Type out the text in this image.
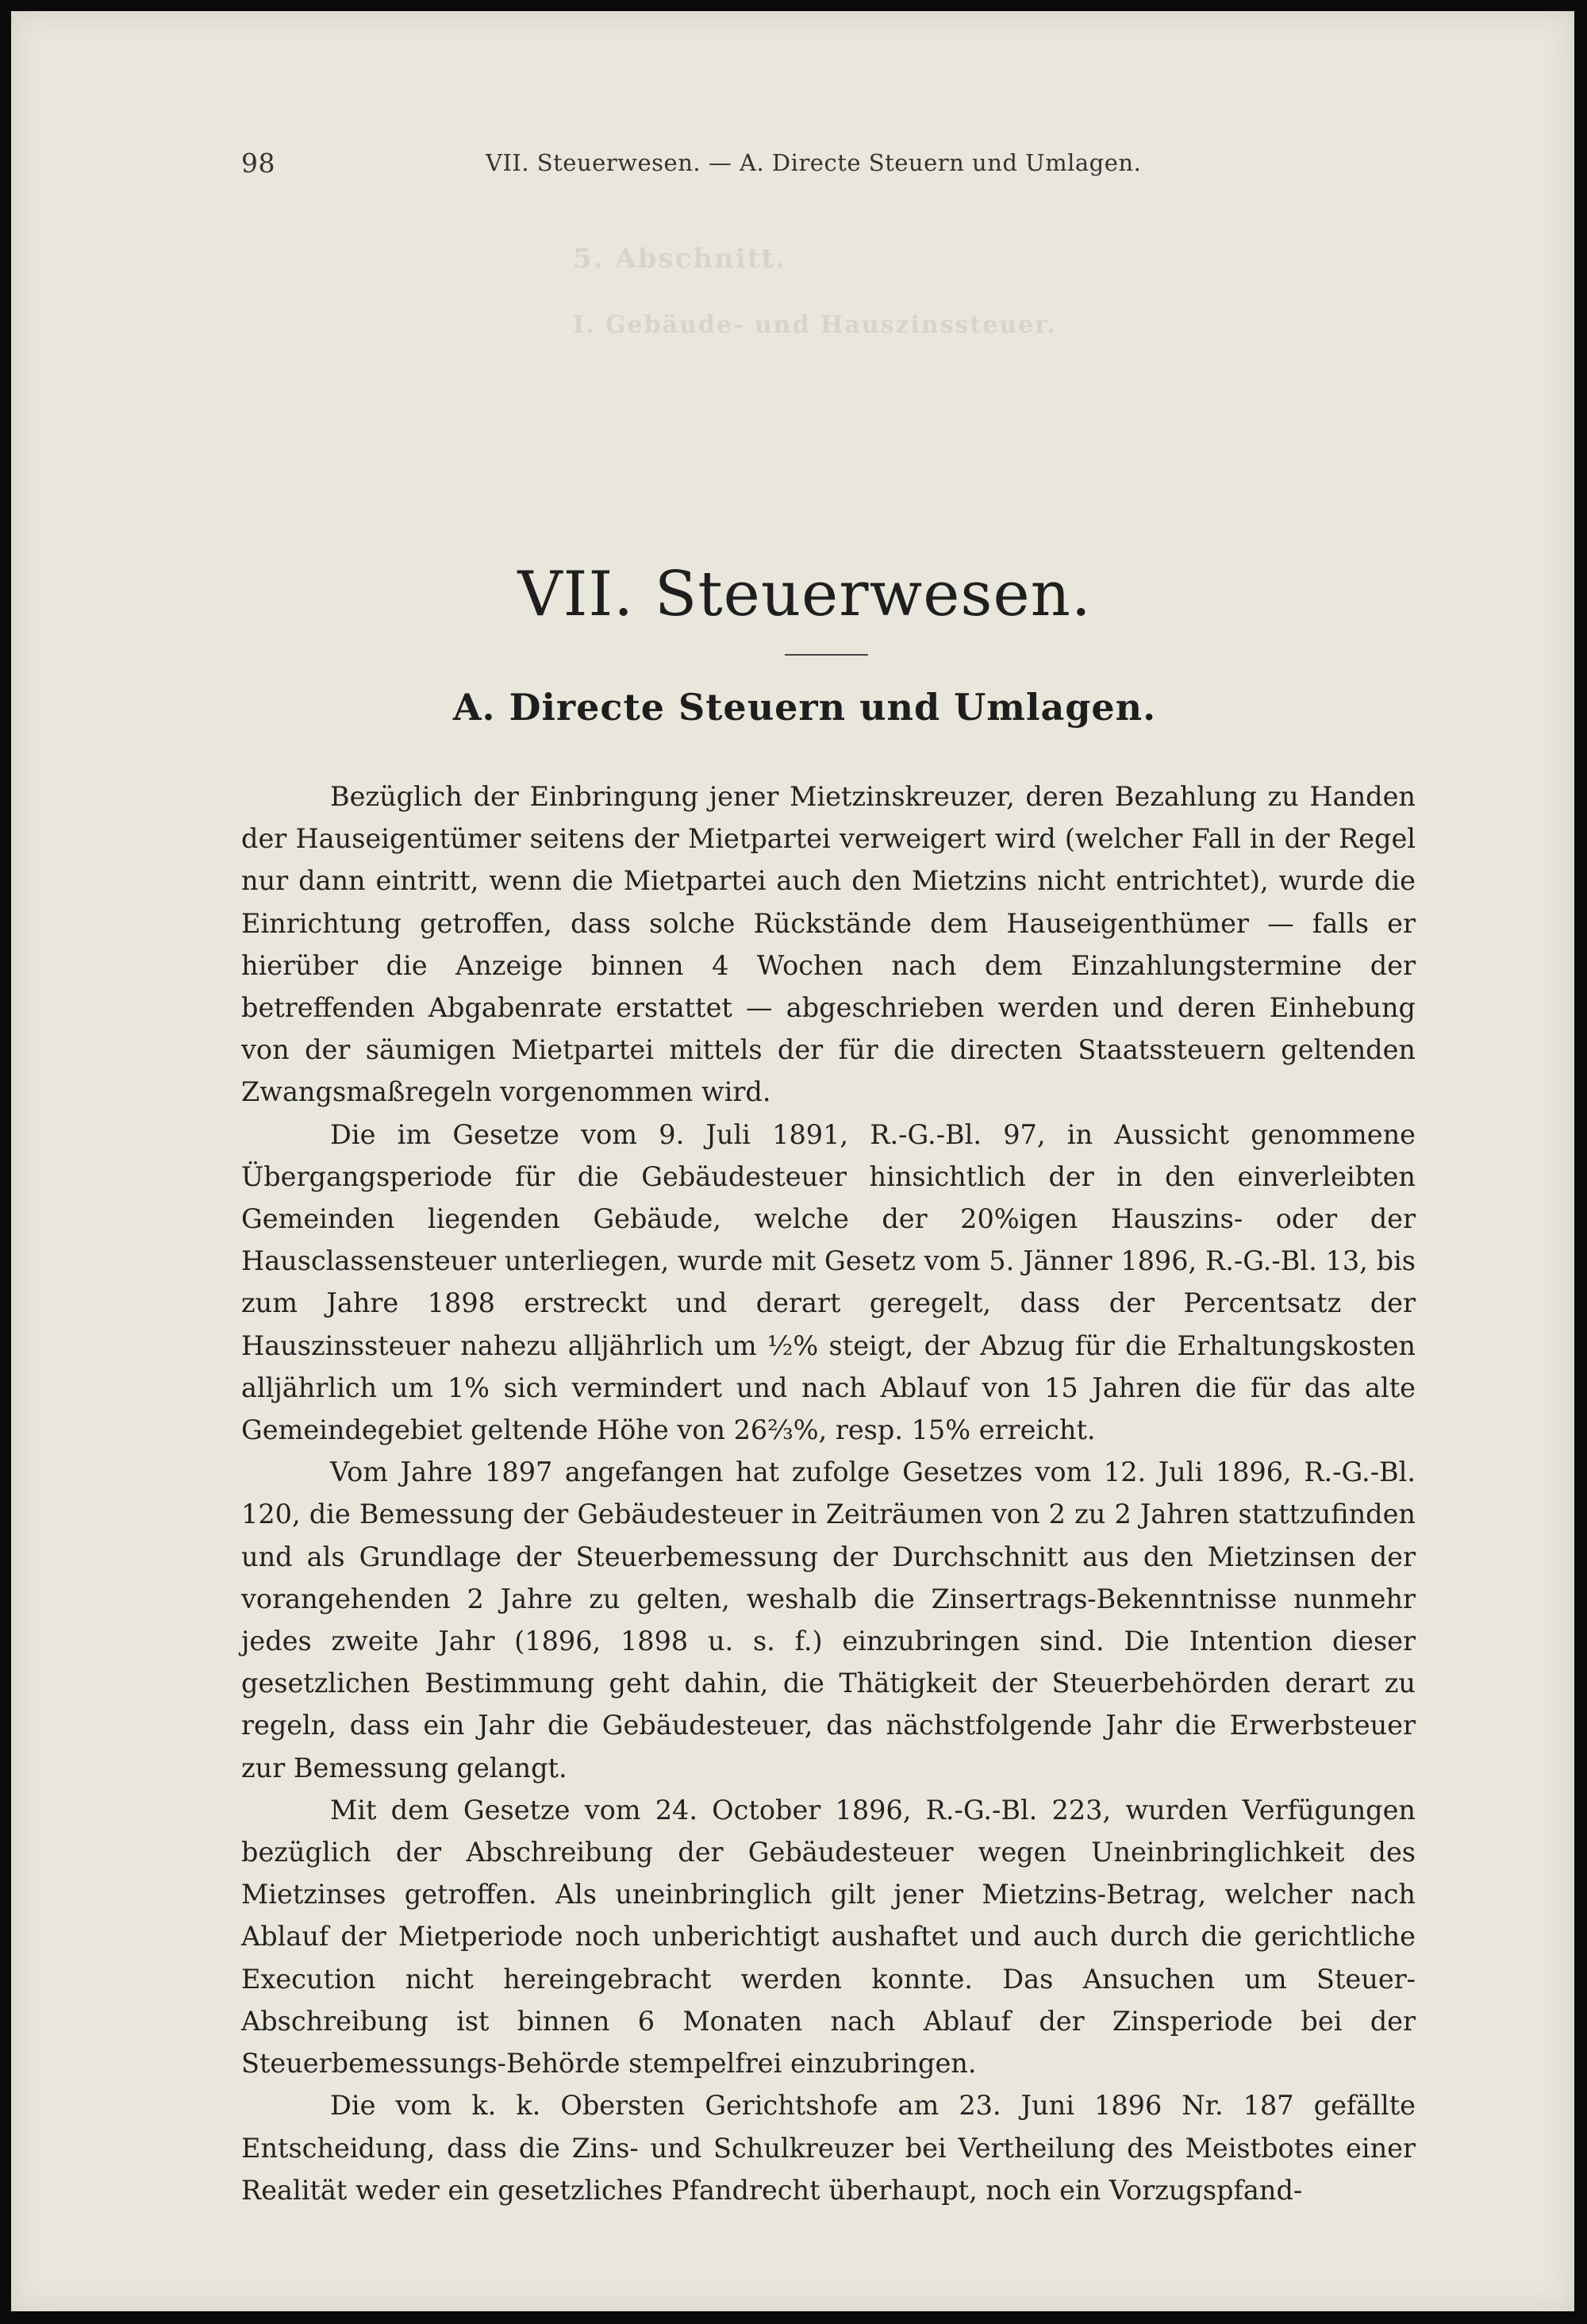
98	VII. Steuerwesen. — A. Directe Steuern und Umlagen.
5. Abschnitt.
I. Gebäude- und Hauszinssteuer.
VII. Steuerwesen.
A. Directe Steuern und Umlagen.

Bezüglich der Einbringung jener Mietzinskreuzer, deren Bezahlung zu Handen der Hauseigentümer seitens der Mietpartei verweigert wird (welcher Fall in der Regel nur dann eintritt, wenn die Mietpartei auch den Mietzins nicht entrichtet), wurde die Einrichtung getroffen, dass solche Rückstände dem Hauseigenthümer — falls er hierüber die Anzeige binnen 4 Wochen nach dem Einzahlungstermine der betreffenden Abgabenrate erstattet — abgeschrieben werden und deren Einhebung von der säumigen Mietpartei mittels der für die directen Staatssteuern geltenden Zwangsmaßregeln vorgenommen wird.

Die im Gesetze vom 9. Juli 1891, R.-G.-Bl. 97, in Aussicht genommene Übergangsperiode für die Gebäudesteuer hinsichtlich der in den einverleibten Gemeinden liegenden Gebäude, welche der 20%igen Hauszins- oder der Hausclassensteuer unterliegen, wurde mit Gesetz vom 5. Jänner 1896, R.-G.-Bl. 13, bis zum Jahre 1898 erstreckt und derart geregelt, dass der Percentsatz der Hauszinssteuer nahezu alljährlich um ½% steigt, der Abzug für die Erhaltungskosten alljährlich um 1% sich vermindert und nach Ablauf von 15 Jahren die für das alte Gemeindegebiet geltende Höhe von 26⅔%, resp. 15% erreicht.

Vom Jahre 1897 angefangen hat zufolge Gesetzes vom 12. Juli 1896, R.-G.-Bl. 120, die Bemessung der Gebäudesteuer in Zeiträumen von 2 zu 2 Jahren stattzufinden und als Grundlage der Steuerbemessung der Durchschnitt aus den Mietzinsen der vorangehenden 2 Jahre zu gelten, weshalb die Zinsertrags-Bekenntnisse nunmehr jedes zweite Jahr (1896, 1898 u. s. f.) einzubringen sind. Die Intention dieser gesetzlichen Bestimmung geht dahin, die Thätigkeit der Steuerbehörden derart zu regeln, dass ein Jahr die Gebäudesteuer, das nächstfolgende Jahr die Erwerbsteuer zur Bemessung gelangt.

Mit dem Gesetze vom 24. October 1896, R.-G.-Bl. 223, wurden Verfügungen bezüglich der Abschreibung der Gebäudesteuer wegen Uneinbringlichkeit des Mietzinses getroffen. Als uneinbringlich gilt jener Mietzins-Betrag, welcher nach Ablauf der Mietperiode noch unberichtigt aushaftet und auch durch die gerichtliche Execution nicht hereingebracht werden konnte. Das Ansuchen um Steuer-Abschreibung ist binnen 6 Monaten nach Ablauf der Zinsperiode bei der Steuerbemessungs-Behörde stempelfrei einzubringen.

Die vom k. k. Obersten Gerichtshofe am 23. Juni 1896 Nr. 187 gefällte Entscheidung, dass die Zins- und Schulkreuzer bei Vertheilung des Meistbotes einer Realität weder ein gesetzliches Pfandrecht überhaupt, noch ein Vorzugspfand-
